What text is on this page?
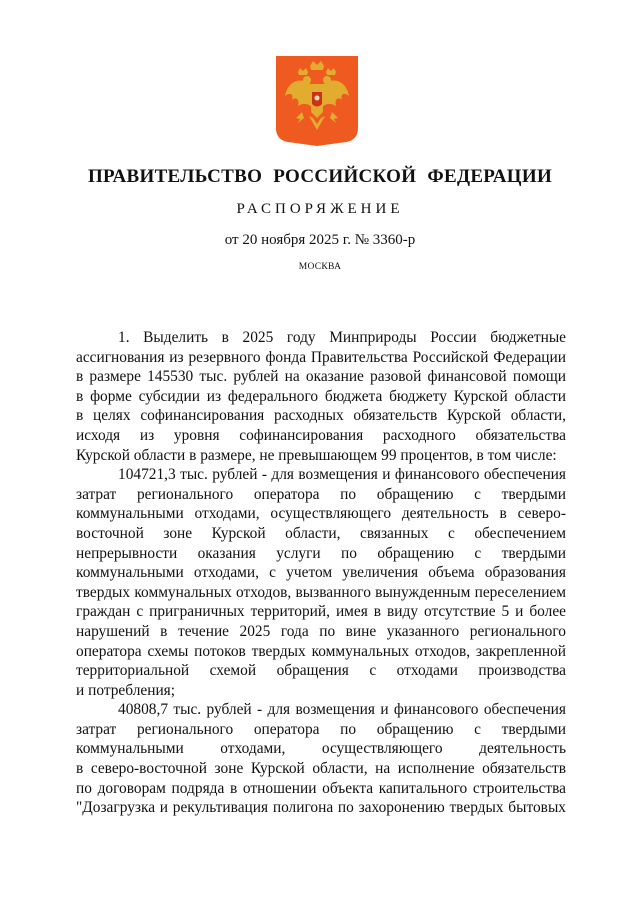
ПРАВИТЕЛЬСТВО РОССИЙСКОЙ ФЕДЕРАЦИИ
РАСПОРЯЖЕНИЕ
от 20 ноября 2025 г. № 3360-р
МОСКВА
1. Выделить в 2025 году Минприроды России бюджетные
ассигнования из резервного фонда Правительства Российской Федерации
в размере 145530 тыс. рублей на оказание разовой финансовой помощи
в форме субсидии из федерального бюджета бюджету Курской области
в целях софинансирования расходных обязательств Курской области,
исходя из уровня софинансирования расходного обязательства
Курской области в размере, не превышающем 99 процентов, в том числе:
104721,3 тыс. рублей - для возмещения и финансового обеспечения
затрат регионального оператора по обращению с твердыми
коммунальными отходами, осуществляющего деятельность в северо-
восточной зоне Курской области, связанных с обеспечением
непрерывности оказания услуги по обращению с твердыми
коммунальными отходами, с учетом увеличения объема образования
твердых коммунальных отходов, вызванного вынужденным переселением
граждан с приграничных территорий, имея в виду отсутствие 5 и более
нарушений в течение 2025 года по вине указанного регионального
оператора схемы потоков твердых коммунальных отходов, закрепленной
территориальной схемой обращения с отходами производства
и потребления;
40808,7 тыс. рублей - для возмещения и финансового обеспечения
затрат регионального оператора по обращению с твердыми
коммунальными отходами, осуществляющего деятельность
в северо-восточной зоне Курской области, на исполнение обязательств
по договорам подряда в отношении объекта капитального строительства
"Дозагрузка и рекультивация полигона по захоронению твердых бытовых
